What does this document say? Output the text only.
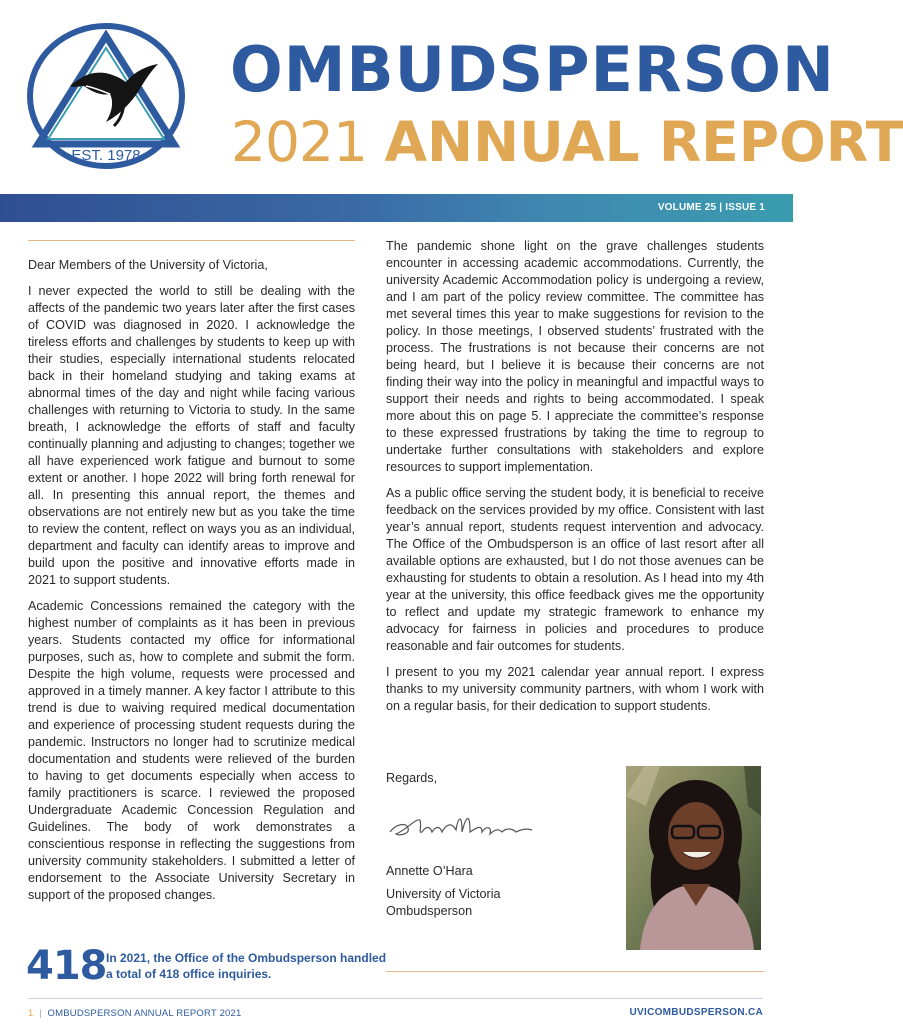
EST. 1978
OMBUDSPERSON
2021 ANNUAL REPORT
VOLUME 25 | ISSUE 1

Dear Members of the University of Victoria,

I never expected the world to still be dealing with the affects of the pandemic two years later after the first cases of COVID was diagnosed in 2020. I acknowledge the tireless efforts and challenges by students to keep up with their studies, especially international students relocated back in their homeland studying and taking exams at abnormal times of the day and night while facing various challenges with returning to Victoria to study. In the same breath, I acknowledge the efforts of staff and faculty continually planning and adjusting to changes; together we all have experienced work fatigue and burnout to some extent or another. I hope 2022 will bring forth renewal for all. In presenting this annual report, the themes and observations are not entirely new but as you take the time to review the content, reflect on ways you as an individual, department and faculty can identify areas to improve and build upon the positive and innovative efforts made in 2021 to support students.

Academic Concessions remained the category with the highest number of complaints as it has been in previous years. Students contacted my office for informational purposes, such as, how to complete and submit the form. Despite the high volume, requests were processed and approved in a timely manner. A key factor I attribute to this trend is due to waiving required medical documentation and experience of processing student requests during the pandemic. Instructors no longer had to scrutinize medical documentation and students were relieved of the burden to having to get documents especially when access to family practitioners is scarce. I reviewed the proposed Undergraduate Academic Concession Regulation and Guidelines. The body of work demonstrates a conscientious response in reflecting the suggestions from university community stakeholders. I submitted a letter of endorsement to the Associate University Secretary in support of the proposed changes.

The pandemic shone light on the grave challenges students encounter in accessing academic accommodations. Currently, the university Academic Accommodation policy is undergoing a review, and I am part of the policy review committee. The committee has met several times this year to make suggestions for revision to the policy. In those meetings, I observed students’ frustrated with the process. The frustrations is not because their concerns are not being heard, but I believe it is because their concerns are not finding their way into the policy in meaningful and impactful ways to support their needs and rights to being accommodated. I speak more about this on page 5. I appreciate the committee’s response to these expressed frustrations by taking the time to regroup to undertake further consultations with stakeholders and explore resources to support implementation.

As a public office serving the student body, it is beneficial to receive feedback on the services provided by my office. Consistent with last year’s annual report, students request intervention and advocacy. The Office of the Ombudsperson is an office of last resort after all available options are exhausted, but I do not those avenues can be exhausting for students to obtain a resolution. As I head into my 4th year at the university, this office feedback gives me the opportunity to reflect and update my strategic framework to enhance my advocacy for fairness in policies and procedures to produce reasonable and fair outcomes for students.

I present to you my 2021 calendar year annual report. I express thanks to my university community partners, with whom I work with on a regular basis, for their dedication to support students.

Regards,
Annette O’Hara
University of Victoria
Ombudsperson
418 In 2021, the Office of the Ombudsperson handled a total of 418 office inquiries.
1  |  OMBUDSPERSON ANNUAL REPORT 2021	UVICOMBUDSPERSON.CA
